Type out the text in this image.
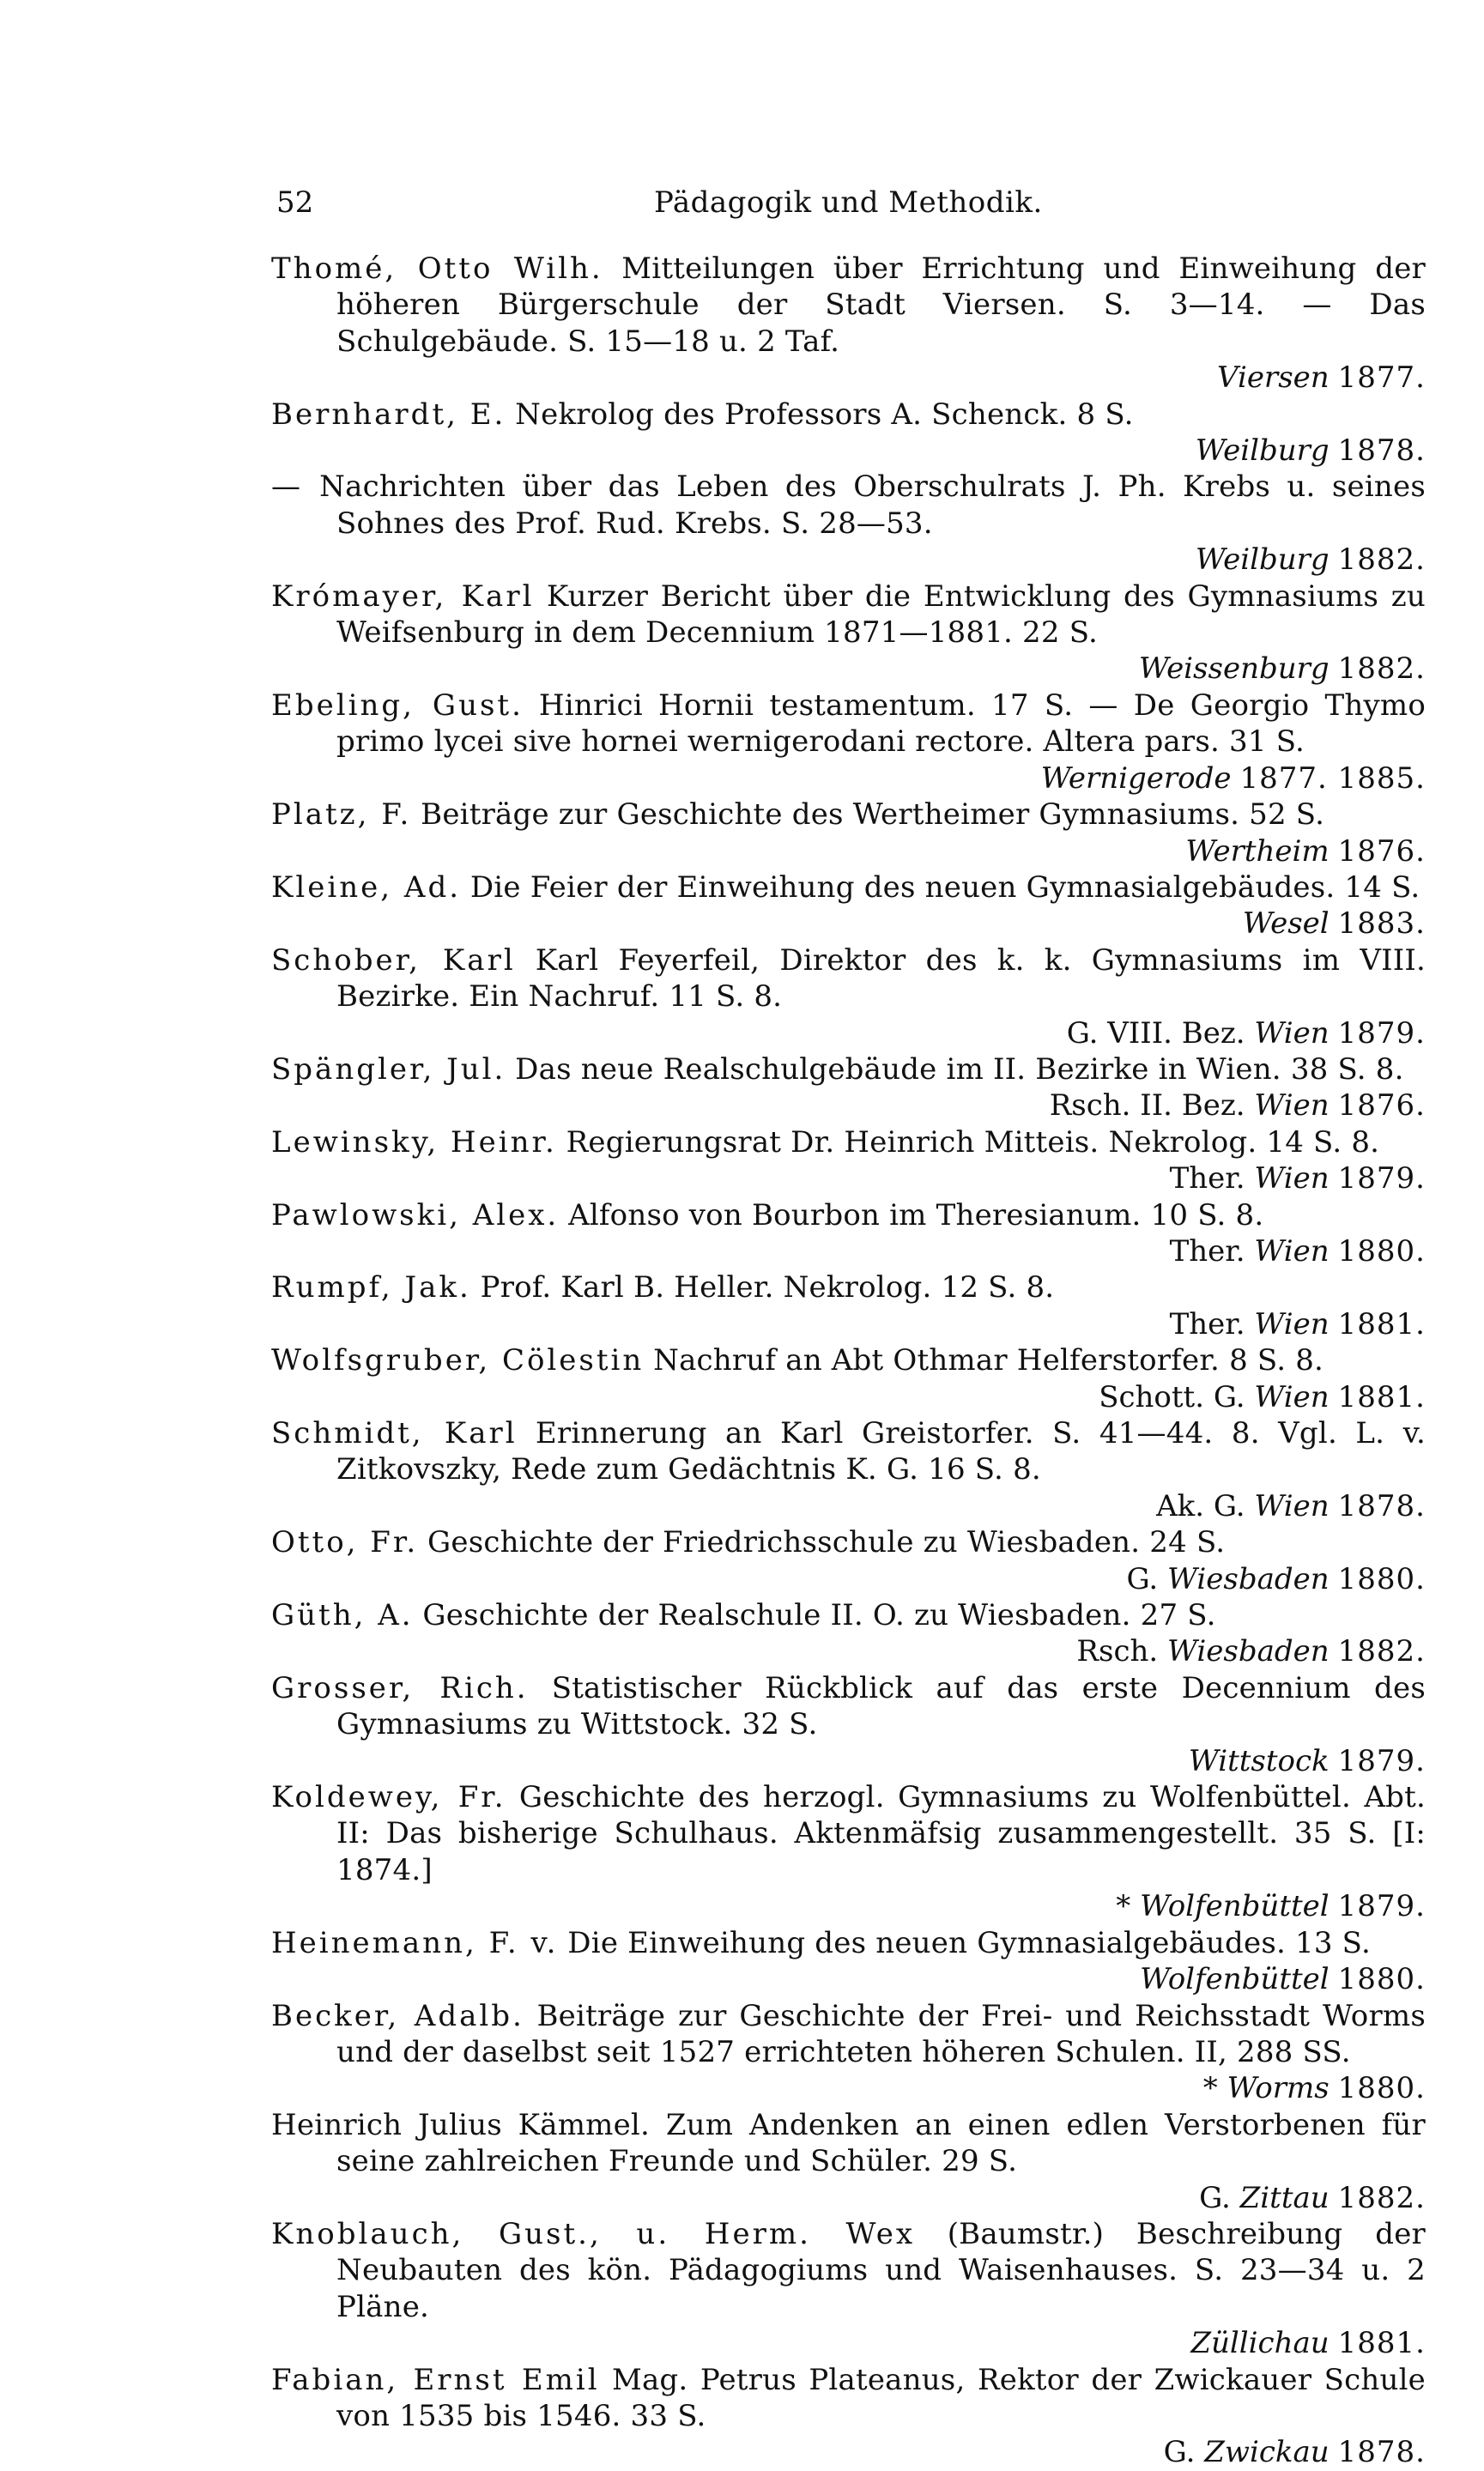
52	Pädagogik und Methodik.
Thomé, Otto Wilh. Mitteilungen über Errichtung und Einweihung der höheren Bürgerschule der Stadt Viersen. S. 3—14. — Das Schulgebäude. S. 15—18 u. 2 Taf.
Viersen 1877.
Bernhardt, E. Nekrolog des Professors A. Schenck. 8 S.
Weilburg 1878.
— Nachrichten über das Leben des Oberschulrats J. Ph. Krebs u. seines Sohnes des Prof. Rud. Krebs. S. 28—53.
Weilburg 1882.
Krómayer, Karl Kurzer Bericht über die Entwicklung des Gymnasiums zu Weifsenburg in dem Decennium 1871—1881. 22 S.
Weissenburg 1882.
Ebeling, Gust. Hinrici Hornii testamentum. 17 S. — De Georgio Thymo primo lycei sive hornei wernigerodani rectore. Altera pars. 31 S.
Wernigerode 1877. 1885.
Platz, F. Beiträge zur Geschichte des Wertheimer Gymnasiums. 52 S.
Wertheim 1876.
Kleine, Ad. Die Feier der Einweihung des neuen Gymnasialgebäudes. 14 S.
Wesel 1883.
Schober, Karl Karl Feyerfeil, Direktor des k. k. Gymnasiums im VIII. Bezirke. Ein Nachruf. 11 S. 8.
G. VIII. Bez. Wien 1879.
Spängler, Jul. Das neue Realschulgebäude im II. Bezirke in Wien. 38 S. 8.
Rsch. II. Bez. Wien 1876.
Lewinsky, Heinr. Regierungsrat Dr. Heinrich Mitteis. Nekrolog. 14 S. 8.
Ther. Wien 1879.
Pawlowski, Alex. Alfonso von Bourbon im Theresianum. 10 S. 8.
Ther. Wien 1880.
Rumpf, Jak. Prof. Karl B. Heller. Nekrolog. 12 S. 8.
Ther. Wien 1881.
Wolfsgruber, Cölestin Nachruf an Abt Othmar Helferstorfer. 8 S. 8.
Schott. G. Wien 1881.
Schmidt, Karl Erinnerung an Karl Greistorfer. S. 41—44. 8. Vgl. L. v. Zitkovszky, Rede zum Gedächtnis K. G. 16 S. 8.
Ak. G. Wien 1878.
Otto, Fr. Geschichte der Friedrichsschule zu Wiesbaden. 24 S.
G. Wiesbaden 1880.
Güth, A. Geschichte der Realschule II. O. zu Wiesbaden. 27 S.
Rsch. Wiesbaden 1882.
Grosser, Rich. Statistischer Rückblick auf das erste Decennium des Gymnasiums zu Wittstock. 32 S.
Wittstock 1879.
Koldewey, Fr. Geschichte des herzogl. Gymnasiums zu Wolfenbüttel. Abt. II: Das bisherige Schulhaus. Aktenmäfsig zusammengestellt. 35 S. [I: 1874.]
* Wolfenbüttel 1879.
Heinemann, F. v. Die Einweihung des neuen Gymnasialgebäudes. 13 S.
Wolfenbüttel 1880.
Becker, Adalb. Beiträge zur Geschichte der Frei- und Reichsstadt Worms und der daselbst seit 1527 errichteten höheren Schulen. II, 288 SS.
* Worms 1880.
Heinrich Julius Kämmel. Zum Andenken an einen edlen Verstorbenen für seine zahlreichen Freunde und Schüler. 29 S.
G. Zittau 1882.
Knoblauch, Gust., u. Herm. Wex (Baumstr.) Beschreibung der Neubauten des kön. Pädagogiums und Waisenhauses. S. 23—34 u. 2 Pläne.
Züllichau 1881.
Fabian, Ernst Emil Mag. Petrus Plateanus, Rektor der Zwickauer Schule von 1535 bis 1546. 33 S.
G. Zwickau 1878.
